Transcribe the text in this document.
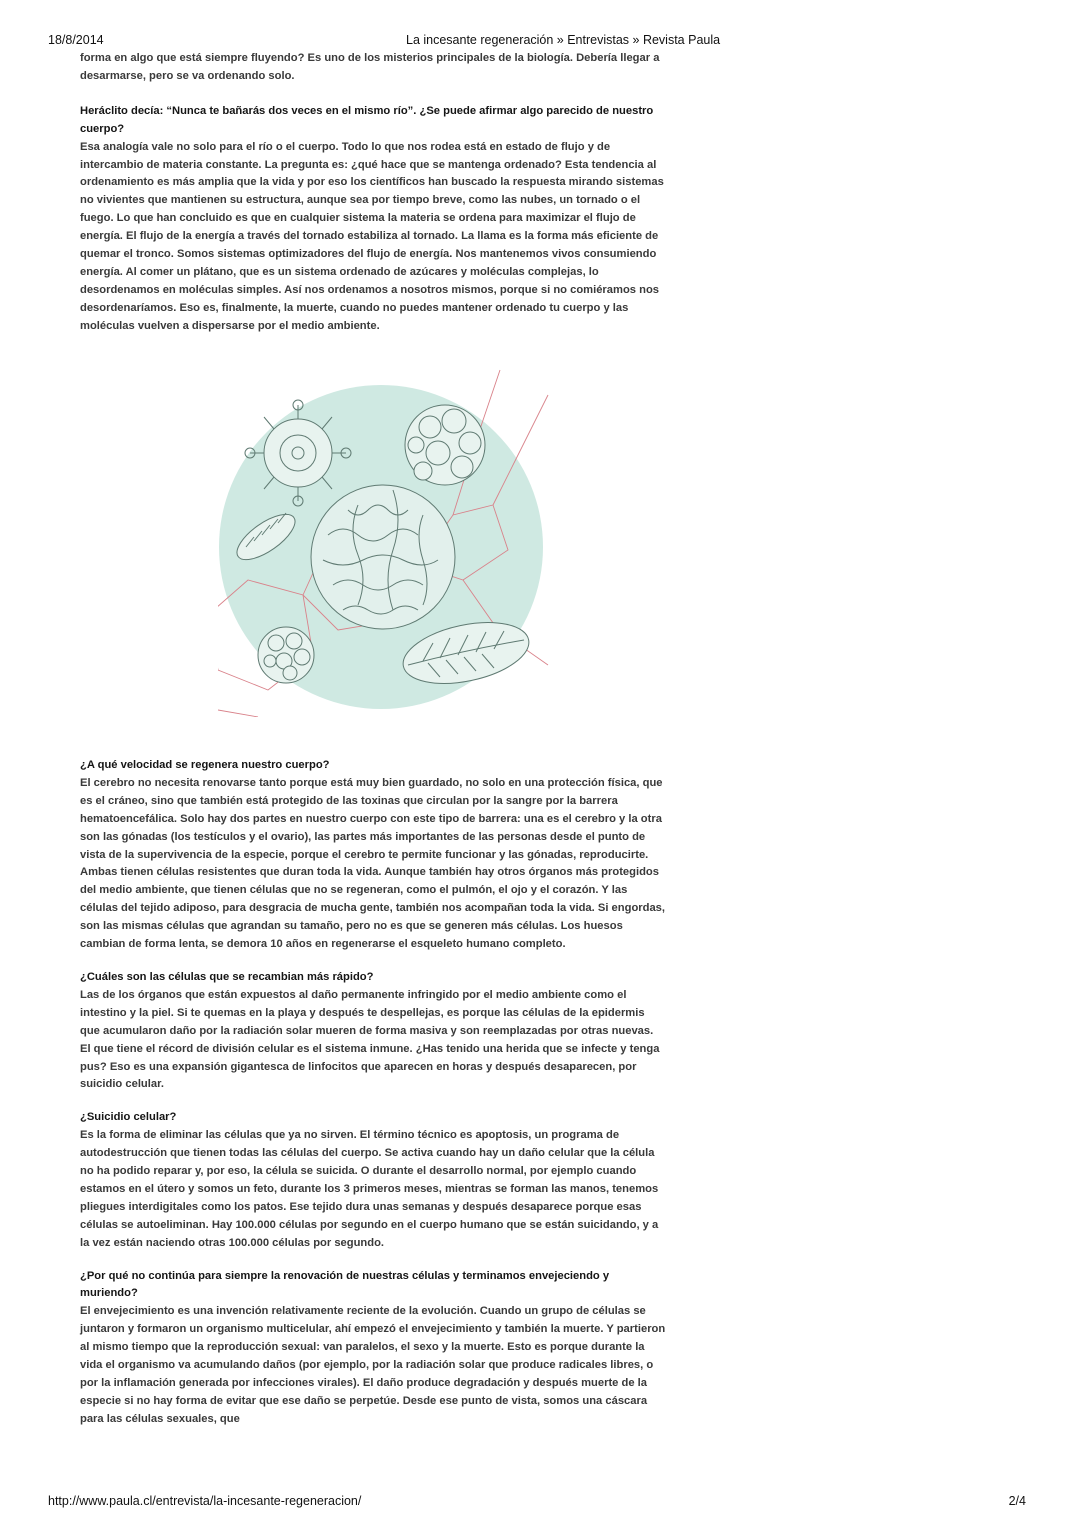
18/8/2014	La incesante regeneración » Entrevistas » Revista Paula

forma en algo que está siempre fluyendo? Es uno de los misterios principales de la biología. Debería llegar a desarmarse, pero se va ordenando solo.

Heráclito decía: “Nunca te bañarás dos veces en el mismo río”. ¿Se puede afirmar algo parecido de nuestro cuerpo?

Esa analogía vale no solo para el río o el cuerpo. Todo lo que nos rodea está en estado de flujo y de intercambio de materia constante. La pregunta es: ¿qué hace que se mantenga ordenado? Esta tendencia al ordenamiento es más amplia que la vida y por eso los científicos han buscado la respuesta mirando sistemas no vivientes que mantienen su estructura, aunque sea por tiempo breve, como las nubes, un tornado o el fuego. Lo que han concluido es que en cualquier sistema la materia se ordena para maximizar el flujo de energía. El flujo de la energía a través del tornado estabiliza al tornado. La llama es la forma más eficiente de quemar el tronco. Somos sistemas optimizadores del flujo de energía. Nos mantenemos vivos consumiendo energía. Al comer un plátano, que es un sistema ordenado de azúcares y moléculas complejas, lo desordenamos en moléculas simples. Así nos ordenamos a nosotros mismos, porque si no comiéramos nos desordenaríamos. Eso es, finalmente, la muerte, cuando no puedes mantener ordenado tu cuerpo y las moléculas vuelven a dispersarse por el medio ambiente.

¿A qué velocidad se regenera nuestro cuerpo?

El cerebro no necesita renovarse tanto porque está muy bien guardado, no solo en una protección física, que es el cráneo, sino que también está protegido de las toxinas que circulan por la sangre por la barrera hematoencefálica. Solo hay dos partes en nuestro cuerpo con este tipo de barrera: una es el cerebro y la otra son las gónadas (los testículos y el ovario), las partes más importantes de las personas desde el punto de vista de la supervivencia de la especie, porque el cerebro te permite funcionar y las gónadas, reproducirte. Ambas tienen células resistentes que duran toda la vida. Aunque también hay otros órganos más protegidos del medio ambiente, que tienen células que no se regeneran, como el pulmón, el ojo y el corazón. Y las células del tejido adiposo, para desgracia de mucha gente, también nos acompañan toda la vida. Si engordas, son las mismas células que agrandan su tamaño, pero no es que se generen más células. Los huesos cambian de forma lenta, se demora 10 años en regenerarse el esqueleto humano completo.

¿Cuáles son las células que se recambian más rápido?

Las de los órganos que están expuestos al daño permanente infringido por el medio ambiente como el intestino y la piel. Si te quemas en la playa y después te despellejas, es porque las células de la epidermis que acumularon daño por la radiación solar mueren de forma masiva y son reemplazadas por otras nuevas. El que tiene el récord de división celular es el sistema inmune. ¿Has tenido una herida que se infecte y tenga pus? Eso es una expansión gigantesca de linfocitos que aparecen en horas y después desaparecen, por suicidio celular.

¿Suicidio celular?

Es la forma de eliminar las células que ya no sirven. El término técnico es apoptosis, un programa de autodestrucción que tienen todas las células del cuerpo. Se activa cuando hay un daño celular que la célula no ha podido reparar y, por eso, la célula se suicida. O durante el desarrollo normal, por ejemplo cuando estamos en el útero y somos un feto, durante los 3 primeros meses, mientras se forman las manos, tenemos pliegues interdigitales como los patos. Ese tejido dura unas semanas y después desaparece porque esas células se autoeliminan. Hay 100.000 células por segundo en el cuerpo humano que se están suicidando, y a la vez están naciendo otras 100.000 células por segundo.

¿Por qué no continúa para siempre la renovación de nuestras células y terminamos envejeciendo y muriendo?

El envejecimiento es una invención relativamente reciente de la evolución. Cuando un grupo de células se juntaron y formaron un organismo multicelular, ahí empezó el envejecimiento y también la muerte. Y partieron al mismo tiempo que la reproducción sexual: van paralelos, el sexo y la muerte. Esto es porque durante la vida el organismo va acumulando daños (por ejemplo, por la radiación solar que produce radicales libres, o por la inflamación generada por infecciones virales). El daño produce degradación y después muerte de la especie si no hay forma de evitar que ese daño se perpetúe. Desde ese punto de vista, somos una cáscara para las células sexuales, que

http://www.paula.cl/entrevista/la-incesante-regeneracion/	2/4
